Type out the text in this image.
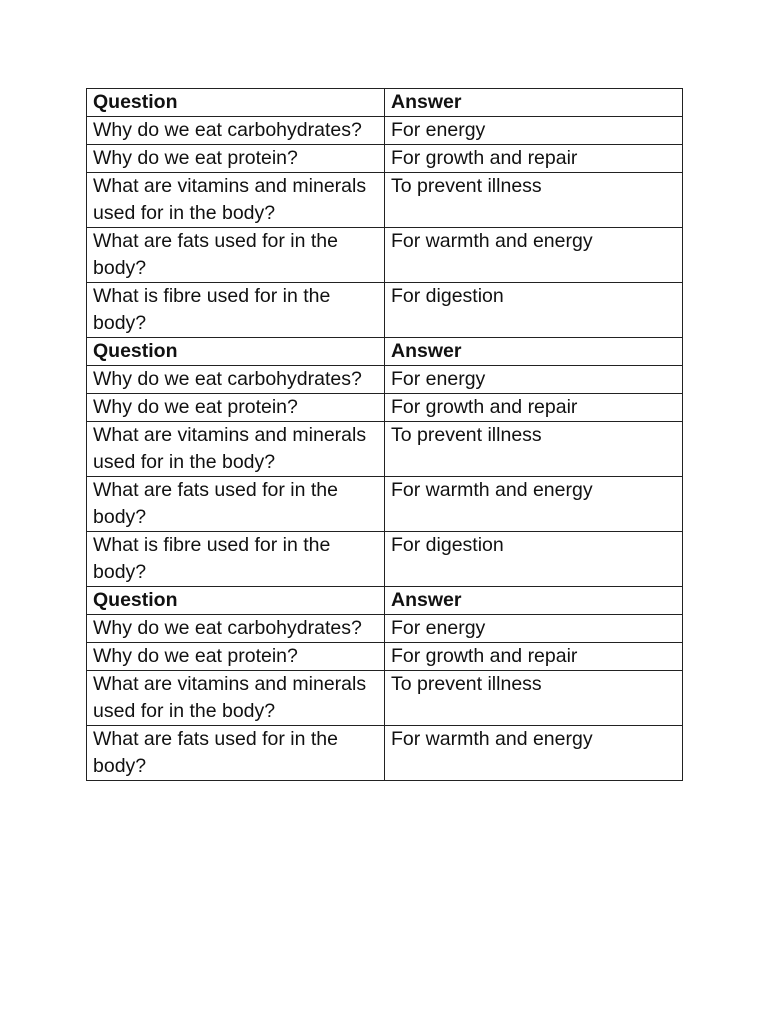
Question	Answer
Why do we eat carbohydrates?	For energy
Why do we eat protein?	For growth and repair
What are vitamins and minerals used for in the body?	To prevent illness
What are fats used for in the body?	For warmth and energy
What is fibre used for in the body?	For digestion
Question	Answer
Why do we eat carbohydrates?	For energy
Why do we eat protein?	For growth and repair
What are vitamins and minerals used for in the body?	To prevent illness
What are fats used for in the body?	For warmth and energy
What is fibre used for in the body?	For digestion
Question	Answer
Why do we eat carbohydrates?	For energy
Why do we eat protein?	For growth and repair
What are vitamins and minerals used for in the body?	To prevent illness
What are fats used for in the body?	For warmth and energy
